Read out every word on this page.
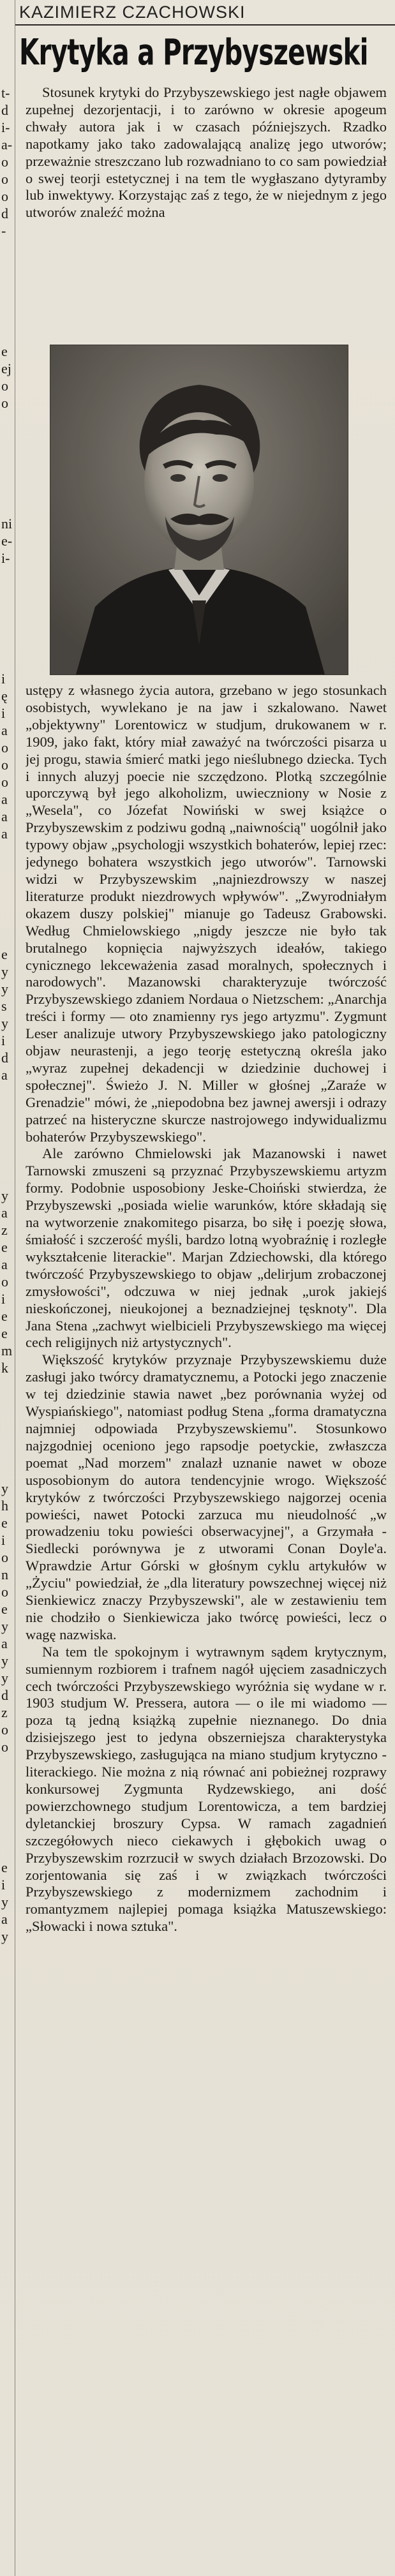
t-
d
i-
a-
o
o
o
d
-
e
ej
o
o
ni
e-
i-
i
ę
i
a
o
o
o
a
a
a
e
y
y
s
y
i
d
a
y
a
z
e
a
o
i
e
e
m
k
y
h
e
i
o
n
o
e
y
a
y
y
d
z
o
o
e
i
y
a
y
KAZIMIERZ CZACHOWSKI
Krytyka a Przybyszewski

Stosunek krytyki do Przybyszewskiego jest nagłe objawem zupełnej dezorjentacji, i to zarówno w okresie apogeum chwały autora jak i w czasach późniejszych. Rzadko napotkamy jako tako zadowalającą analizę jego utworów; przeważnie streszczano lub rozwadniano to co sam powiedział o swej teorji estetycznej i na tem tle wygłaszano dytyramby lub inwektywy. Korzystając zaś z tego, że w niejednym z jego utworów znaleźć można

ustępy z własnego życia autora, grzebano w jego stosunkach osobistych, wywlekano je na jaw i szkalowano. Nawet „objektywny" Lorentowicz w studjum, drukowanem w r. 1909, jako fakt, który miał zaważyć na twórczości pisarza u jej progu, stawia śmierć matki jego nieślubnego dziecka. Tych i innych aluzyj poecie nie szczędzono. Plotką szczególnie uporczywą był jego alkoholizm, uwieczniony w Nosie z „Wesela", co Józefat Nowiński w swej książce o Przybyszewskim z podziwu godną „naiwnością" uogólnił jako typowy objaw „psychologji wszystkich bohaterów, lepiej rzec: jedynego bohatera wszystkich jego utworów". Tarnowski widzi w Przybyszewskim „najniezdrowszy w naszej literaturze produkt niezdrowych wpływów". „Zwyrodniałym okazem duszy polskiej" mianuje go Tadeusz Grabowski. Według Chmielowskiego „nigdy jeszcze nie było tak brutalnego kopnięcia najwyższych ideałów, takiego cynicznego lekceważenia zasad moralnych, społecznych i narodowych". Mazanowski charakteryzuje twórczość Przybyszewskiego zdaniem Nordaua o Nietzschem: „Anarchja treści i formy — oto znamienny rys jego artyzmu". Zygmunt Leser analizuje utwory Przybyszewskiego jako patologiczny objaw neurastenji, a jego teorję estetyczną określa jako „wyraz zupełnej dekadencji w dziedzinie duchowej i społecznej". Świeżo J. N. Miller w głośnej „Zaraźe w Grenadzie" mówi, że „niepodobna bez jawnej awersji i odrazy patrzeć na histeryczne skurcze nastrojowego indywidualizmu bohaterów Przybyszewskiego".

Ale zarówno Chmielowski jak Mazanowski i nawet Tarnowski zmuszeni są przyznać Przybyszewskiemu artyzm formy. Podobnie usposobiony Jeske-Choiński stwierdza, że Przybyszewski „posiada wielie warunków, które składają się na wytworzenie znakomitego pisarza, bo siłę i poezję słowa, śmiałość i szczerość myśli, bardzo lotną wyobraźnię i rozległe wykształcenie literackie". Marjan Zdziechowski, dla którego twórczość Przybyszewskiego to objaw „delirjum zrobaczonej zmysłowości", odczuwa w niej jednak „urok jakiejś nieskończonej, nieukojonej a beznadziejnej tęsknoty". Dla Jana Stena „zachwyt wielbicieli Przybyszewskiego ma więcej cech religijnych niż artystycznych".

Większość krytyków przyznaje Przybyszewskiemu duże zasługi jako twórcy dramatycznemu, a Potocki jego znaczenie w tej dziedzinie stawia nawet „bez porównania wyżej od Wyspiańskiego", natomiast podług Stena „forma dramatyczna najmniej odpowiada Przybyszewskiemu". Stosunkowo najzgodniej oceniono jego rapsodje poetyckie, zwłaszcza poemat „Nad morzem" znalazł uznanie nawet w oboze usposobionym do autora tendencyjnie wrogo. Większość krytyków z twórczości Przybyszewskiego najgorzej ocenia powieści, nawet Potocki zarzuca mu nieudolność „w prowadzeniu toku powieści obserwacyjnej", a Grzymała - Siedlecki porównywa je z utworami Conan Doyle'a. Wprawdzie Artur Górski w głośnym cyklu artykułów w „Życiu" powiedział, że „dla literatury powszechnej więcej niż Sienkiewicz znaczy Przybyszewski", ale w zestawieniu tem nie chodziło o Sienkiewicza jako twórcę powieści, lecz o wagę nazwiska.

Na tem tle spokojnym i wytrawnym sądem krytycznym, sumiennym rozbiorem i trafnem nagół ujęciem zasadniczych cech twórczości Przybyszewskiego wyróżnia się wydane w r. 1903 studjum W. Pressera, autora — o ile mi wiadomo — poza tą jedną książką zupełnie nieznanego. Do dnia dzisiejszego jest to jedyna obszerniejsza charakterystyka Przybyszewskiego, zasługująca na miano studjum krytyczno - literackiego. Nie można z nią równać ani pobieżnej rozprawy konkursowej Zygmunta Rydzewskiego, ani dość powierzchownego studjum Lorentowicza, a tem bardziej dyletanckiej broszury Cypsa. W ramach zagadnień szczegółowych nieco ciekawych i głębokich uwag o Przybyszewskim rozrzucił w swych działach Brzozowski. Do zorjentowania się zaś i w związkach twórczości Przybyszewskiego z modernizmem zachodnim i romantyzmem najlepiej pomaga książka Matuszewskiego: „Słowacki i nowa sztuka".
